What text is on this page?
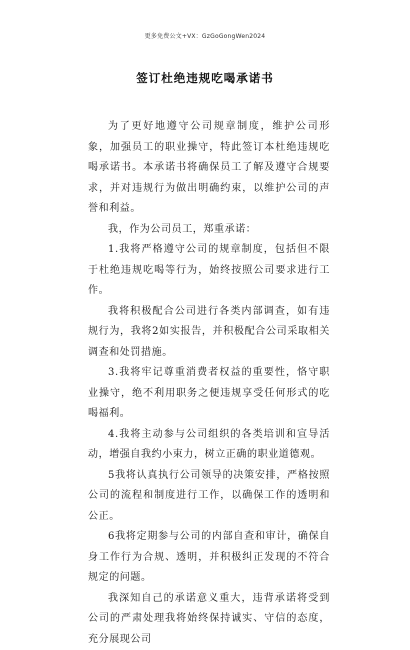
更多免费公文+VX：GzGoGongWen2024
签订杜绝违规吃喝承诺书

为了更好地遵守公司规章制度，维护公司形象，加强员工的职业操守，特此签订本杜绝违规吃喝承诺书。本承诺书将确保员工了解及遵守合规要求，并对违规行为做出明确约束，以维护公司的声誉和利益。

我，作为公司员工，郑重承诺：

1.我将严格遵守公司的规章制度，包括但不限于杜绝违规吃喝等行为，始终按照公司要求进行工作。

我将积极配合公司进行各类内部调查，如有违规行为，我将2如实报告，并积极配合公司采取相关调查和处罚措施。

3.我将牢记尊重消费者权益的重要性，恪守职业操守，绝不利用职务之便违规享受任何形式的吃喝福利。

4.我将主动参与公司组织的各类培训和宣导活动，增强自我约小束力，树立正确的职业道德观。

5我将认真执行公司领导的决策安排，严格按照公司的流程和制度进行工作，以确保工作的透明和公正。

6我将定期参与公司的内部自查和审计，确保自身工作行为合规、透明，并积极纠正发现的不符合规定的问题。

我深知自己的承诺意义重大，违背承诺将受到公司的严肃处理我将始终保持诚实、守信的态度，充分展现公司
